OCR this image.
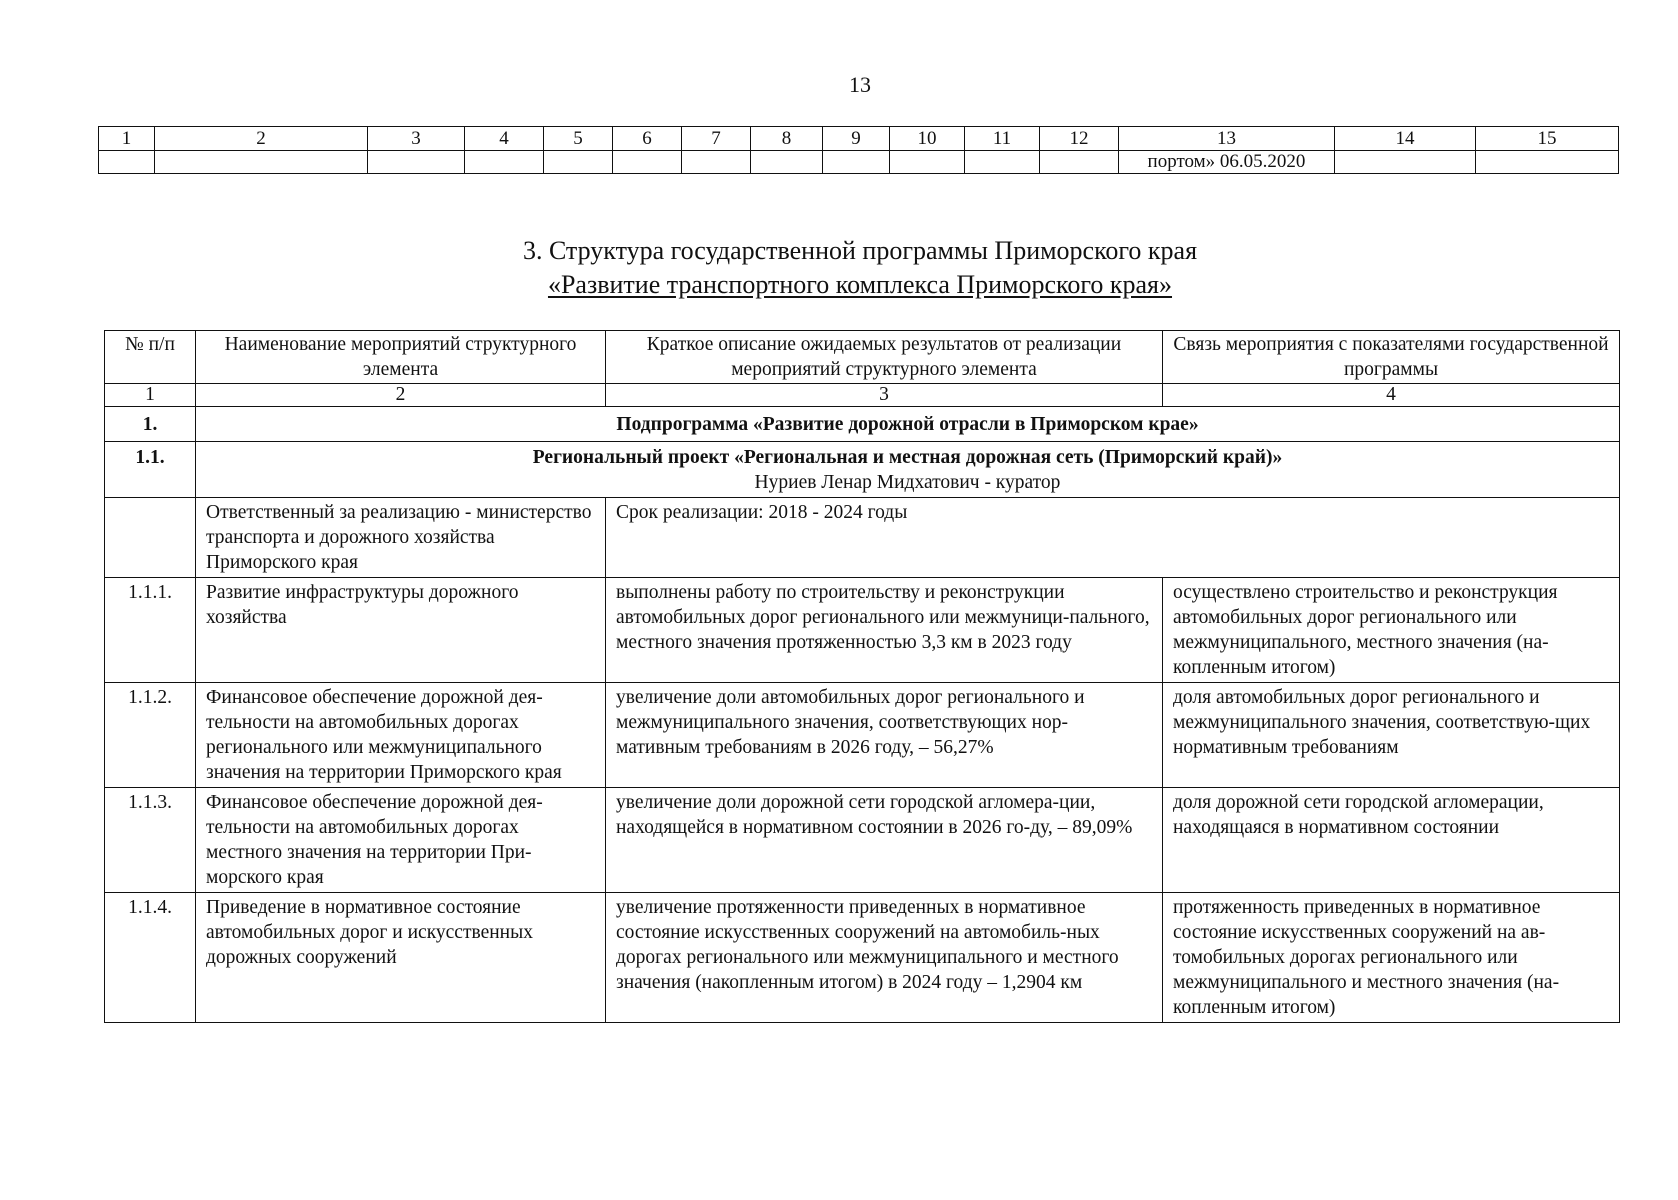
13
1	2	3	4	5	6	7	8	9	10	11	12	13	14	15
												портом» 06.05.2020		
3. Структура государственной программы Приморского края
«Развитие транспортного комплекса Приморского края»
№ п/п	Наименование мероприятий структурного элемента	Краткое описание ожидаемых результатов от реализации мероприятий структурного элемента	Связь мероприятия с показателями государственной программы
1	2	3	4
1.	Подпрограмма «Развитие дорожной отрасли в Приморском крае»		
1.1.	Региональный проект «Региональная и местная дорожная сеть (Приморский край)»
Нуриев Ленар Мидхатович - куратор		

	Ответственный за реализацию - министерство транспорта и дорожного хозяйства Приморского края	Срок реализации: 2018 - 2024 годы	
1.1.1.	Развитие инфраструктуры дорожного хозяйства	выполнены работу по строительству и реконструкции автомобильных дорог регионального или межмуници-пального, местного значения протяженностью 3,3 км в 2023 году	осуществлено строительство и реконструкция автомобильных дорог регионального или межмуниципального, местного значения (на-копленным итогом)
1.1.2.	Финансовое обеспечение дорожной дея-тельности на автомобильных дорогах регионального или межмуниципального значения на территории Приморского края	увеличение доли автомобильных дорог регионального и межмуниципального значения, соответствующих нор-мативным требованиям в 2026 году, – 56,27%	доля автомобильных дорог регионального и межмуниципального значения, соответствую-щих нормативным требованиям
1.1.3.	Финансовое обеспечение дорожной дея-тельности на автомобильных дорогах местного значения на территории При-морского края	увеличение доли дорожной сети городской агломера-ции, находящейся в нормативном состоянии в 2026 го-ду, – 89,09%	доля дорожной сети городской агломерации, находящаяся в нормативном состоянии
1.1.4.	Приведение в нормативное состояние автомобильных дорог и искусственных дорожных сооружений	увеличение протяженности приведенных в нормативное состояние искусственных сооружений на автомобиль-ных дорогах регионального или межмуниципального и местного значения (накопленным итогом) в 2024 году – 1,2904 км	протяженность приведенных в нормативное состояние искусственных сооружений на ав-томобильных дорогах регионального или межмуниципального и местного значения (на-копленным итогом)
